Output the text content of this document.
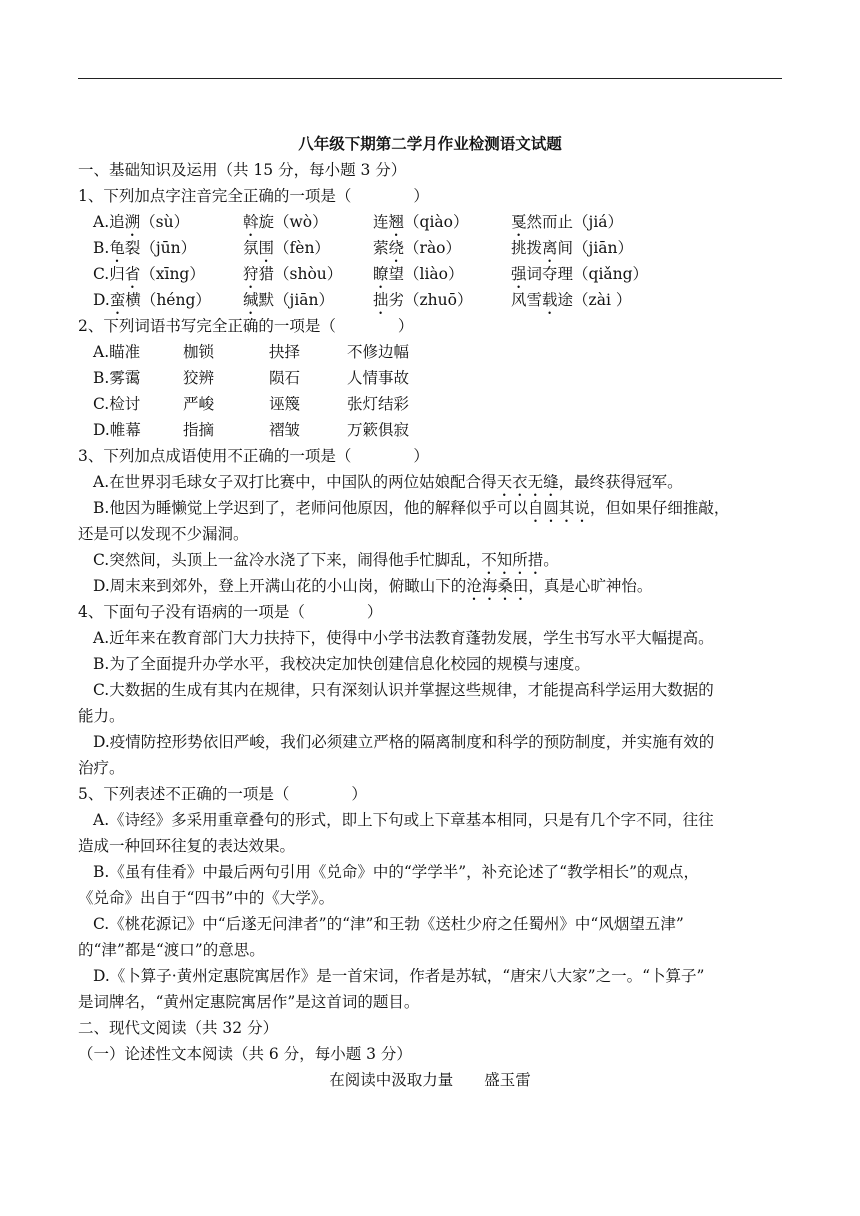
八年级下期第二学月作业检测语文试题
一、基础知识及运用（共 15 分，每小题 3 分）
1、下列加点字注音完全正确的一项是（　　　　）
A.追溯（sù）	斡旋（wò）	连翘（qiào）	戛然而止（jiá）
B.龟裂（jūn）	氛围（fèn）	萦绕（rào）	挑拨离间（jiān）
C.归省（xīng） 狩猎（shòu） 瞭望（liào）	强词夺理（qiǎng）
D.蛮横（héng） 缄默（jiān）	拙劣（zhuō） 风雪载途（zài ）
2、下列词语书写完全正确的一项是（　　　　）
A.瞄准	枷锁	抉择	不修边幅
B.雾霭	狡辨	陨石	人情事故
C.检讨	严峻	诬篾	张灯结彩
D.帷幕	指摘	褶皱	万簌俱寂
3、下列加点成语使用不正确的一项是（　　　　）
A.在世界羽毛球女子双打比赛中，中国队的两位姑娘配合得天衣无缝，最终获得冠军。
B.他因为睡懒觉上学迟到了，老师问他原因，他的解释似乎可以自圆其说，但如果仔细推敲，
还是可以发现不少漏洞。
C.突然间，头顶上一盆冷水浇了下来，闹得他手忙脚乱，不知所措。
D.周末来到郊外，登上开满山花的小山岗，俯瞰山下的沧海桑田，真是心旷神怡。
4、下面句子没有语病的一项是（　　　　）
A.近年来在教育部门大力扶持下，使得中小学书法教育蓬勃发展，学生书写水平大幅提高。
B.为了全面提升办学水平，我校决定加快创建信息化校园的规模与速度。
C.大数据的生成有其内在规律，只有深刻认识并掌握这些规律，才能提高科学运用大数据的
能力。
D.疫情防控形势依旧严峻，我们必须建立严格的隔离制度和科学的预防制度，并实施有效的
治疗。
5、下列表述不正确的一项是（　　　　）
A.《诗经》多采用重章叠句的形式，即上下句或上下章基本相同，只是有几个字不同，往往
造成一种回环往复的表达效果。
B.《虽有佳肴》中最后两句引用《兑命》中的“学学半”，补充论述了“教学相长”的观点，
《兑命》出自于“四书”中的《大学》。
C.《桃花源记》中“后遂无问津者”的“津”和王勃《送杜少府之任蜀州》中“风烟望五津”
的“津”都是“渡口”的意思。
D.《卜算子·黄州定惠院寓居作》是一首宋词，作者是苏轼，“唐宋八大家”之一。“卜算子”
是词牌名，“黄州定惠院寓居作”是这首词的题目。
二、现代文阅读（共 32 分）
（一）论述性文本阅读（共 6 分，每小题 3 分）
在阅读中汲取力量　　盛玉雷
